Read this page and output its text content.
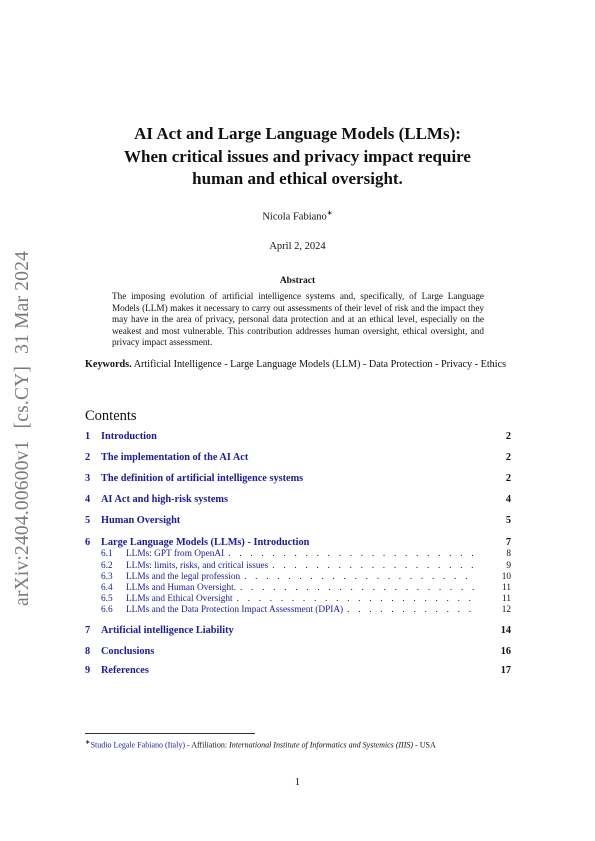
arXiv:2404.00600v1[cs.CY]31 Mar 2024
AI Act and Large Language Models (LLMs):
When critical issues and privacy impact require
human and ethical oversight.
Nicola Fabiano∗
April 2, 2024
Abstract
The imposing evolution of artificial intelligence systems and, specifically, of Large Language Models (LLM) makes it necessary to carry out assessments of their level of risk and the impact they may have in the area of privacy, personal data protection and at an ethical level, especially on the weakest and most vulnerable. This contribution addresses human oversight, ethical oversight, and privacy impact assessment.
Keywords. Artificial Intelligence - Large Language Models (LLM) - Data Protection - Privacy - Ethics
Contents
1	Introduction	2
2	The implementation of the AI Act	2
3	The definition of artificial intelligence systems	2
4	AI Act and high-risk systems	4
5	Human Oversight	5
6	Large Language Models (LLMs) - Introduction	7
6.1	LLMs: GPT from OpenAI . . .	8
6.2	LLMs: limits, risks, and critical issues . . .	9
6.3	LLMs and the legal profession . . .	10
6.4	LLMs and Human Oversight. . . .	11
6.5	LLMs and Ethical Oversight . . .	11
6.6	LLMs and the Data Protection Impact Assessment (DPIA) . . .	12
7	Artificial intelligence Liability	14
8	Conclusions	16
9	References	17
∗Studio Legale Fabiano (Italy) - Affiliation: International Institute of Informatics and Systemics (IIIS) - USA
1
